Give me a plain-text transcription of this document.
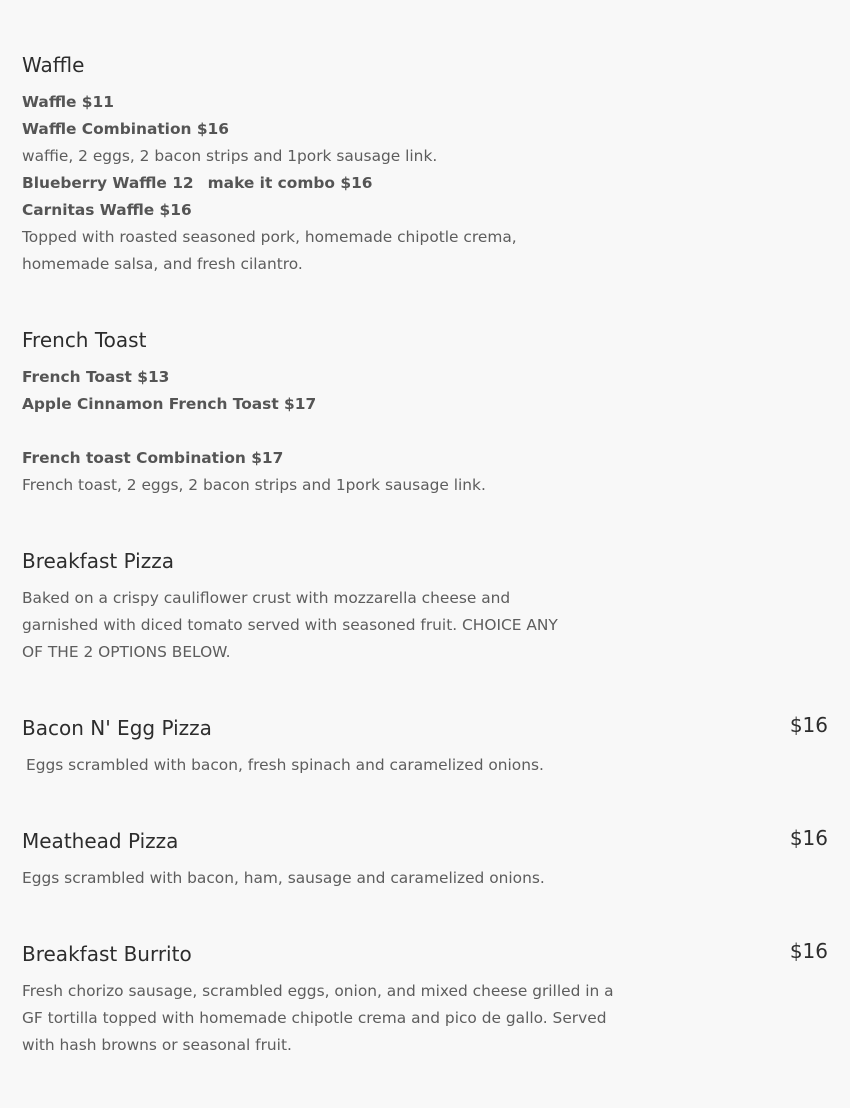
Waffle
Waffle $11
Waffle Combination $16
waffie, 2 eggs, 2 bacon strips and 1pork sausage link.
Blueberry Waffle 12 make it combo $16
Carnitas Waffle $16
Topped with roasted seasoned pork, homemade chipotle crema, homemade salsa, and fresh cilantro.
French Toast
French Toast $13
Apple Cinnamon French Toast $17
French toast Combination $17
French toast, 2 eggs, 2 bacon strips and 1pork sausage link.
Breakfast Pizza
Baked on a crispy cauliflower crust with mozzarella cheese and garnished with diced tomato served with seasoned fruit. CHOICE ANY OF THE 2 OPTIONS BELOW.
Bacon N' Egg Pizza	$16
Eggs scrambled with bacon, fresh spinach and caramelized onions.
Meathead Pizza	$16
Eggs scrambled with bacon, ham, sausage and caramelized onions.
Breakfast Burrito	$16
Fresh chorizo sausage, scrambled eggs, onion, and mixed cheese grilled in a GF tortilla topped with homemade chipotle crema and pico de gallo. Served with hash browns or seasonal fruit.
